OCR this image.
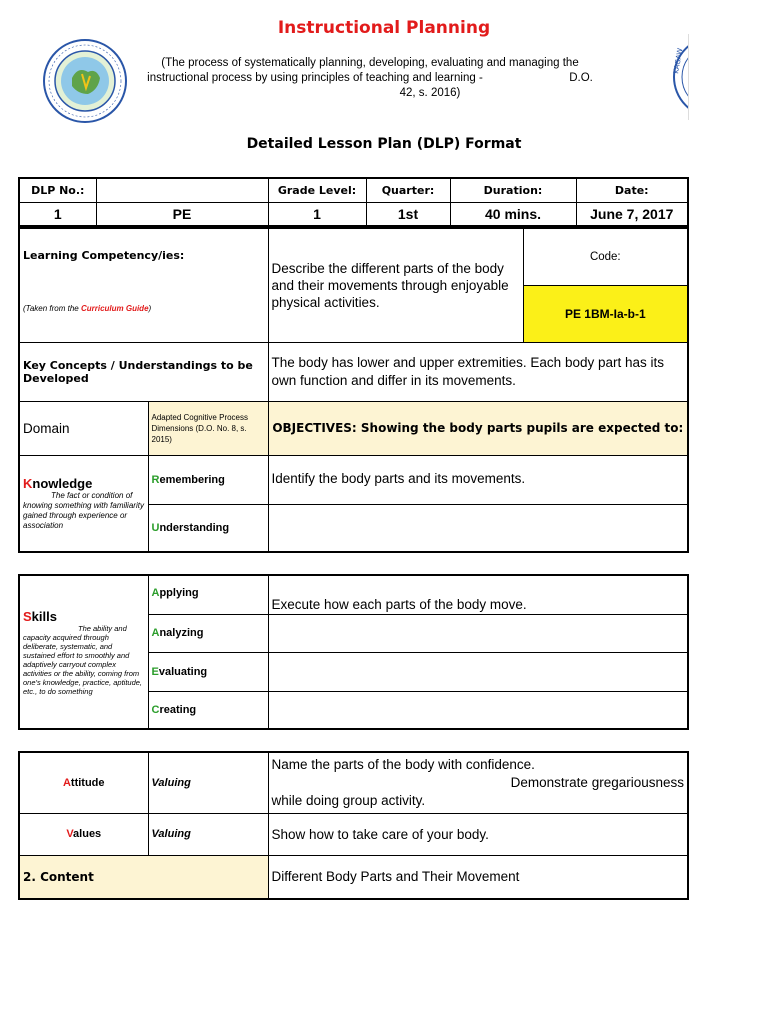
Instructional Planning
KAGAW
(The process of systematically planning, developing, evaluating and managing the
instructional process by using principles of teaching and learning -	D.O.
42, s. 2016)
Detailed Lesson Plan (DLP) Format
DLP No.:		Grade Level:	Quarter:	Duration:	Date:
1	PE	1	1st	40 mins.	June 7, 2017
Learning Competency/ies:
(Taken from the Curriculum Guide)		Describe the different parts of the body and their movements through enjoyable physical activities.	Code:
			PE 1BM-Ia-b-1
Key Concepts / Understandings to be Developed		The body has lower and upper extremities. Each body part has its own function and differ in its movements.	
Domain	Adapted Cognitive Process Dimensions (D.O. No. 8, s. 2015)	OBJECTIVES: Showing the body parts pupils are expected to:	

Knowledge
The fact or condition of knowing something with familiarity gained through experience or association	Remembering	Identify the body parts and its movements.	
	Understanding		
Skills
The ability and capacity acquired through deliberate, systematic, and sustained effort to smoothly and adaptively carryout complex activities or the ability, coming from one's knowledge, practice, aptitude, etc., to do something	Applying	Execute how each parts of the body move.
	Analyzing	
	Evaluating	
	Creating	
Attitude	Valuing	Name the parts of the body with confidence.
Demonstrate gregariousness
while doing group activity.

Values	Valuing	Show how to take care of your body.
2. Content		Different Body Parts and Their Movement
